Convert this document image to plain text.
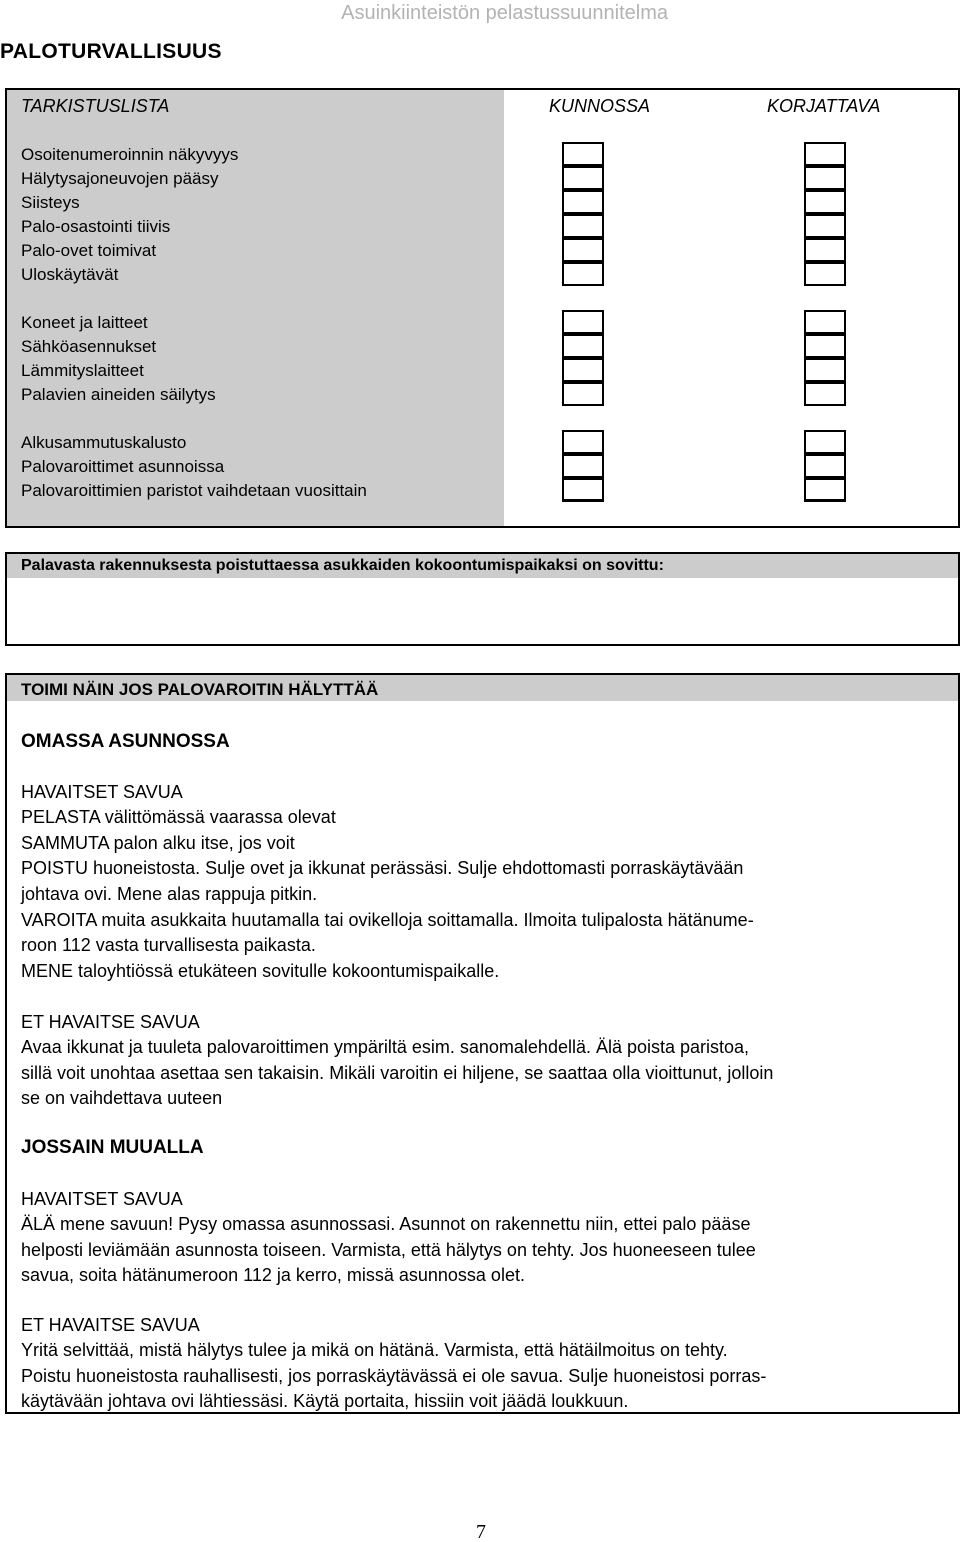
Asuinkiinteistön pelastussuunnitelma
PALOTURVALLISUUS
TARKISTUSLISTA	KUNNOSSA	KORJATTAVA
Osoitenumeroinnin näkyvyys
Hälytysajoneuvojen pääsy
Siisteys
Palo-osastointi tiivis
Palo-ovet toimivat
Uloskäytävät
Koneet ja laitteet
Sähköasennukset
Lämmityslaitteet
Palavien aineiden säilytys
Alkusammutuskalusto
Palovaroittimet asunnoissa
Palovaroittimien paristot vaihdetaan vuosittain
Palavasta rakennuksesta poistuttaessa asukkaiden kokoontumispaikaksi on sovittu:
TOIMI NÄIN JOS PALOVAROITIN HÄLYTTÄÄ
OMASSA ASUNNOSSA
HAVAITSET SAVUA
PELASTA välittömässä vaarassa olevat
SAMMUTA palon alku itse, jos voit
POISTU huoneistosta. Sulje ovet ja ikkunat perässäsi. Sulje ehdottomasti porraskäytävään
johtava ovi. Mene alas rappuja pitkin.
VAROITA muita asukkaita huutamalla tai ovikelloja soittamalla. Ilmoita tulipalosta hätänume-
roon 112 vasta turvallisesta paikasta.
MENE taloyhtiössä etukäteen sovitulle kokoontumispaikalle.
ET HAVAITSE SAVUA
Avaa ikkunat ja tuuleta palovaroittimen ympäriltä esim. sanomalehdellä. Älä poista paristoa,
sillä voit unohtaa asettaa sen takaisin. Mikäli varoitin ei hiljene, se saattaa olla vioittunut, jolloin
se on vaihdettava uuteen
JOSSAIN MUUALLA
HAVAITSET SAVUA
ÄLÄ mene savuun! Pysy omassa asunnossasi. Asunnot on rakennettu niin, ettei palo pääse
helposti leviämään asunnosta toiseen. Varmista, että hälytys on tehty. Jos huoneeseen tulee
savua, soita hätänumeroon 112 ja kerro, missä asunnossa olet.
ET HAVAITSE SAVUA
Yritä selvittää, mistä hälytys tulee ja mikä on hätänä. Varmista, että hätäilmoitus on tehty.
Poistu huoneistosta rauhallisesti, jos porraskäytävässä ei ole savua. Sulje huoneistosi porras-
käytävään johtava ovi lähtiessäsi. Käytä portaita, hissiin voit jäädä loukkuun.
7
